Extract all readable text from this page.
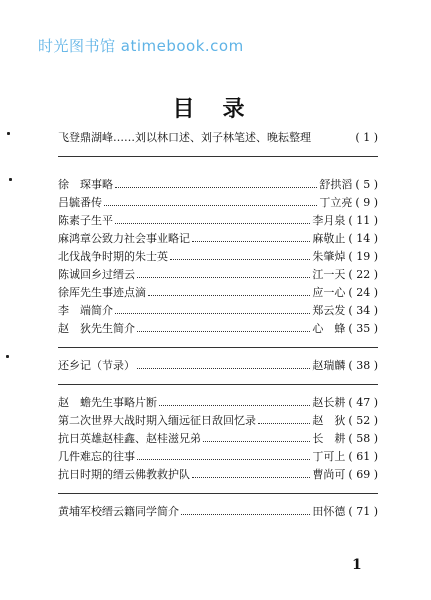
时光图书馆 atimebook.com
目录
飞登鼎湖峰……刘以林口述、刘子林笔述、晚耘整理	( 1 )
徐　琛事略	舒拱滔 ( 5 )
吕毓番传	丁立亮 ( 9 )
陈素子生平	李月泉 ( 11 )
麻鸿章公致力社会事业略记	麻敬止 ( 14 )
北伐战争时期的朱士英	朱肇焯 ( 19 )
陈诚回乡过缙云	江一天 ( 22 )
徐厍先生事迹点滴	应一心 ( 24 )
李　端简介	郑云发 ( 34 )
赵　狄先生简介	心　蜂 ( 35 )
还乡记（节录）	赵瑞麟 ( 38 )
赵　蟾先生事略片断	赵长耕 ( 47 )
第二次世界大战时期入缅远征日敌回忆录	赵　狄 ( 52 )
抗日英雄赵桂鑫、赵桂滋兄弟	长　耕 ( 58 )
几件难忘的往事	丁可上 ( 61 )
抗日时期的缙云佛教救护队	曹尚可 ( 69 )
黄埔军校缙云籍同学简介	田怀德 ( 71 )
1
